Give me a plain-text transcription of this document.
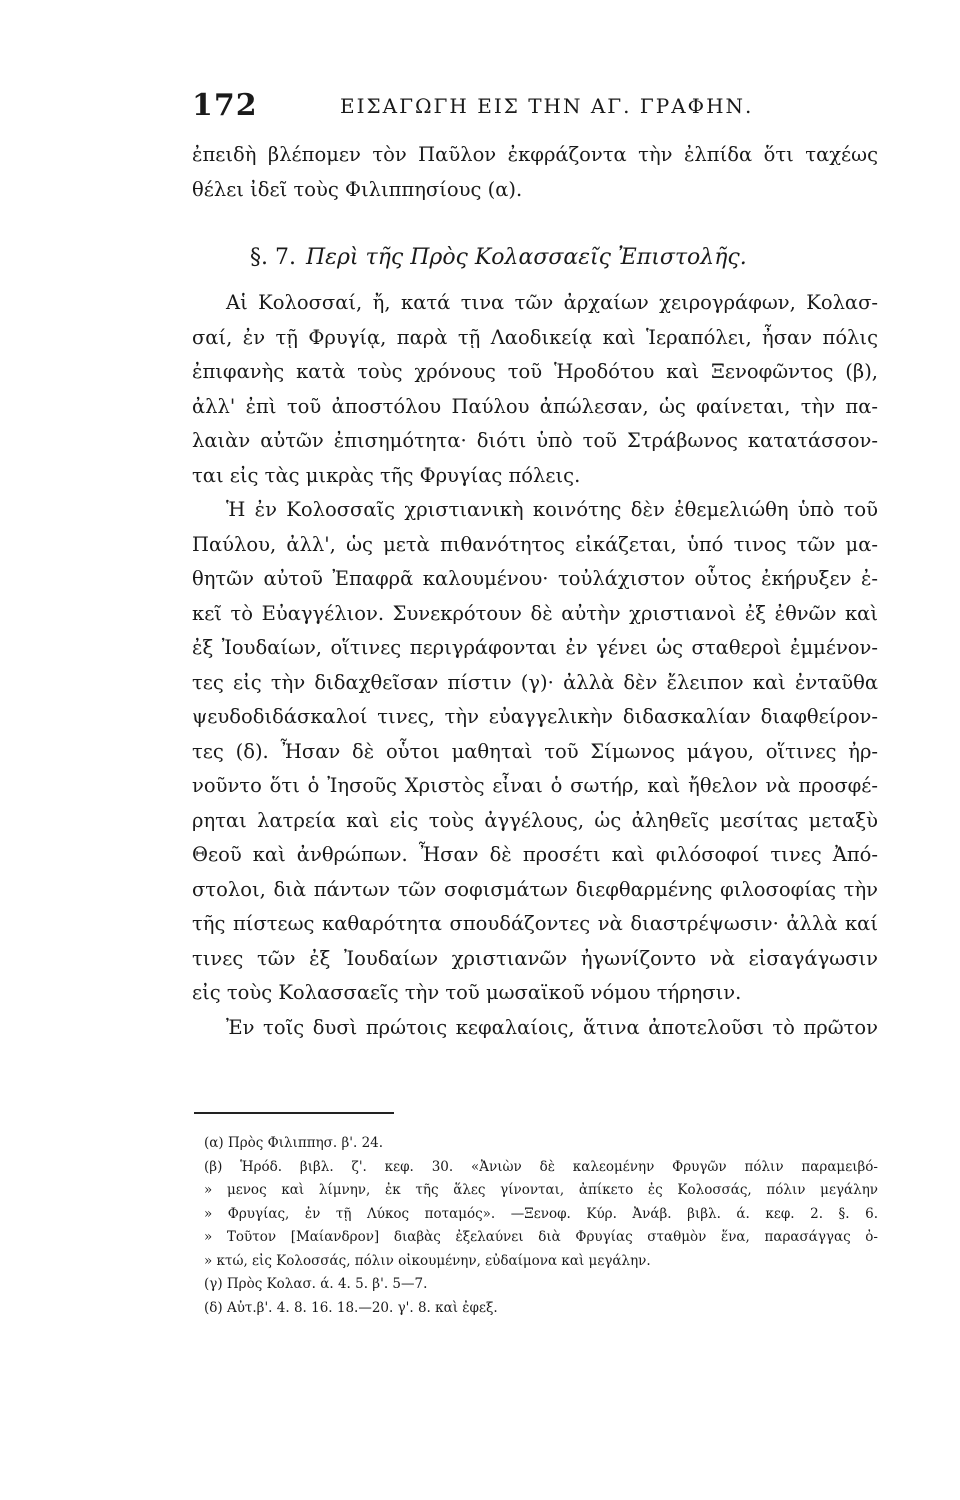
172	ΕΙΣΑΓΩΓΗ ΕΙΣ ΤΗΝ ΑΓ. ΓΡΑΦΗΝ.
ἐπειδὴ βλέπομεν τὸν Παῦλον ἐκφράζοντα τὴν ἐλπίδα ὅτι ταχέως
θέλει ἰδεῖ τοὺς Φιλιππησίους (α).
§. 7. Περὶ τῆς Πρὸς Κολασσαεῖς Ἐπιστολῆς.
Αἱ Κολοσσαί, ἤ, κατά τινα τῶν ἀρχαίων χειρογράφων, Κολασ-
σαί, ἐν τῇ Φρυγίᾳ, παρὰ τῇ Λαοδικείᾳ καὶ Ἱεραπόλει, ἦσαν πόλις
ἐπιφανὴς κατὰ τοὺς χρόνους τοῦ Ἡροδότου καὶ Ξενοφῶντος (β),
ἀλλ' ἐπὶ τοῦ ἀποστόλου Παύλου ἀπώλεσαν, ὡς φαίνεται, τὴν πα-
λαιὰν αὐτῶν ἐπισημότητα· διότι ὑπὸ τοῦ Στράβωνος κατατάσσον-
ται εἰς τὰς μικρὰς τῆς Φρυγίας πόλεις.
Ἡ ἐν Κολοσσαῖς χριστιανικὴ κοινότης δὲν ἐθεμελιώθη ὑπὸ τοῦ
Παύλου, ἀλλ', ὡς μετὰ πιθανότητος εἰκάζεται, ὑπό τινος τῶν μα-
θητῶν αὐτοῦ Ἐπαφρᾶ καλουμένου· τοὐλάχιστον οὗτος ἐκήρυξεν ἐ-
κεῖ τὸ Εὐαγγέλιον. Συνεκρότουν δὲ αὐτὴν χριστιανοὶ ἐξ ἐθνῶν καὶ
ἐξ Ἰουδαίων, οἵτινες περιγράφονται ἐν γένει ὡς σταθεροὶ ἐμμένον-
τες εἰς τὴν διδαχθεῖσαν πίστιν (γ)· ἀλλὰ δὲν ἔλειπον καὶ ἐνταῦθα
ψευδοδιδάσκαλοί τινες, τὴν εὐαγγελικὴν διδασκαλίαν διαφθείρον-
τες (δ). Ἦσαν δὲ οὗτοι μαθηταὶ τοῦ Σίμωνος μάγου, οἵτινες ἠρ-
νοῦντο ὅτι ὁ Ἰησοῦς Χριστὸς εἶναι ὁ σωτήρ, καὶ ἤθελον νὰ προσφέ-
ρηται λατρεία καὶ εἰς τοὺς ἀγγέλους, ὡς ἀληθεῖς μεσίτας μεταξὺ
Θεοῦ καὶ ἀνθρώπων. Ἦσαν δὲ προσέτι καὶ φιλόσοφοί τινες Ἀπό-
στολοι, διὰ πάντων τῶν σοφισμάτων διεφθαρμένης φιλοσοφίας τὴν
τῆς πίστεως καθαρότητα σπουδάζοντες νὰ διαστρέψωσιν· ἀλλὰ καί
τινες τῶν ἐξ Ἰουδαίων χριστιανῶν ἠγωνίζοντο νὰ εἰσαγάγωσιν
εἰς τοὺς Κολασσαεῖς τὴν τοῦ μωσαϊκοῦ νόμου τήρησιν.
Ἐν τοῖς δυσὶ πρώτοις κεφαλαίοις, ἅτινα ἀποτελοῦσι τὸ πρῶτον
(α) Πρὸς Φιλιππησ. β'. 24.
(β) Ἡρόδ. βιβλ. ζ'. κεφ. 30. «Ἀνιὼν δὲ καλεομένην Φρυγῶν πόλιν παραμειβό-
» μενος καὶ λίμνην, ἐκ τῆς ἅλες γίνονται, ἀπίκετο ἐς Κολοσσάς, πόλιν μεγάλην
» Φρυγίας, ἐν τῇ Λύκος ποταμός». —Ξενοφ. Κύρ. Ἀνάβ. βιβλ. ά. κεφ. 2. §. 6.
» Τοῦτον [Μαίανδρον] διαβὰς ἐξελαύνει διὰ Φρυγίας σταθμὸν ἕνα, παρασάγγας ὀ-
» κτώ, εἰς Κολοσσάς, πόλιν οἰκουμένην, εὐδαίμονα καὶ μεγάλην.
(γ) Πρὸς Κολασ. ά. 4. 5. β'. 5—7.
(δ) Αὐτ.β'. 4. 8. 16. 18.—20. γ'. 8. καὶ ἐφεξ.
